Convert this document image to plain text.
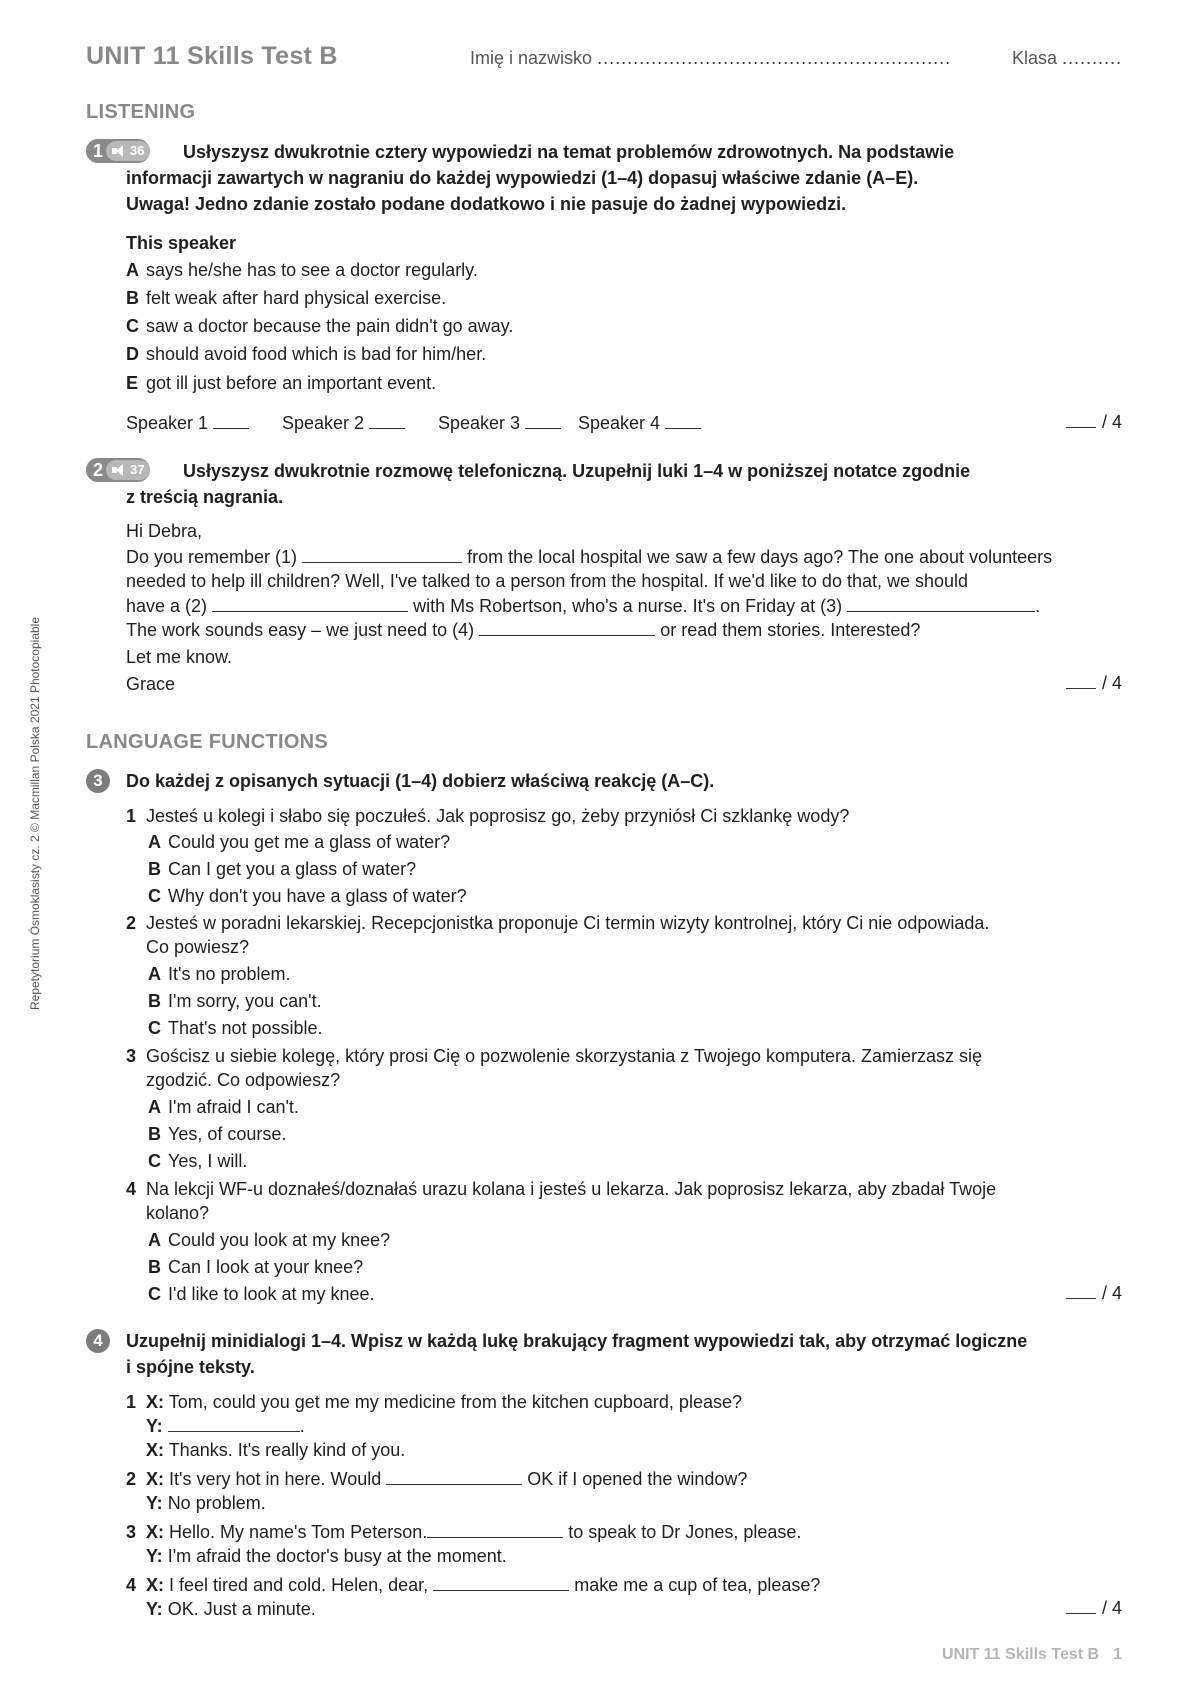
Repetytorium Ósmoklasisty cz. 2 © Macmillan Polska 2021 Photocopiable
UNIT 11 Skills Test B	Imię i nazwisko ...........................................................	Klasa ..........
LISTENING
1	36 Usłyszysz dwukrotnie cztery wypowiedzi na temat problemów zdrowotnych. Na podstawie
informacji zawartych w nagraniu do każdej wypowiedzi (1–4) dopasuj właściwe zdanie (A–E).
Uwaga! Jedno zdanie zostało podane dodatkowo i nie pasuje do żadnej wypowiedzi.
This speaker
A says he/she has to see a doctor regularly.
B felt weak after hard physical exercise.
C saw a doctor because the pain didn't go away.
D should avoid food which is bad for him/her.
E got ill just before an important event.
Speaker 1	Speaker 2	Speaker 3	Speaker 4	/ 4
2	37 Usłyszysz dwukrotnie rozmowę telefoniczną. Uzupełnij luki 1–4 w poniższej notatce zgodnie
z treścią nagrania.
Hi Debra,
Do you remember (1)	from the local hospital we saw a few days ago? The one about volunteers
needed to help ill children? Well, I've talked to a person from the hospital. If we'd like to do that, we should
have a (2)	with Ms Robertson, who's a nurse. It's on Friday at (3)	.
The work sounds easy – we just need to (4)	or read them stories. Interested?
Let me know.
Grace	/ 4
LANGUAGE FUNCTIONS
3	Do każdej z opisanych sytuacji (1–4) dobierz właściwą reakcję (A–C).
1 Jesteś u kolegi i słabo się poczułeś. Jak poprosisz go, żeby przyniósł Ci szklankę wody?
A Could you get me a glass of water?
B Can I get you a glass of water?
C Why don't you have a glass of water?
2 Jesteś w poradni lekarskiej. Recepcjonistka proponuje Ci termin wizyty kontrolnej, który Ci nie odpowiada.
Co powiesz?
A It's no problem.
B I'm sorry, you can't.
C That's not possible.
3 Gościsz u siebie kolegę, który prosi Cię o pozwolenie skorzystania z Twojego komputera. Zamierzasz się
zgodzić. Co odpowiesz?
A I'm afraid I can't.
B Yes, of course.
C Yes, I will.
4 Na lekcji WF-u doznałeś/doznałaś urazu kolana i jesteś u lekarza. Jak poprosisz lekarza, aby zbadał Twoje
kolano?
A Could you look at my knee?
B Can I look at your knee?
C I'd like to look at my knee.	/ 4
4	Uzupełnij minidialogi 1–4. Wpisz w każdą lukę brakujący fragment wypowiedzi tak, aby otrzymać logiczne
i spójne teksty.
1 X: Tom, could you get me my medicine from the kitchen cupboard, please?
Y:	.
X: Thanks. It's really kind of you.
2 X: It's very hot in here. Would	OK if I opened the window?
Y: No problem.
3 X: Hello. My name's Tom Peterson.	to speak to Dr Jones, please.
Y: I'm afraid the doctor's busy at the moment.
4 X: I feel tired and cold. Helen, dear,	make me a cup of tea, please?
Y: OK. Just a minute.	/ 4
UNIT 11 Skills Test B 1
